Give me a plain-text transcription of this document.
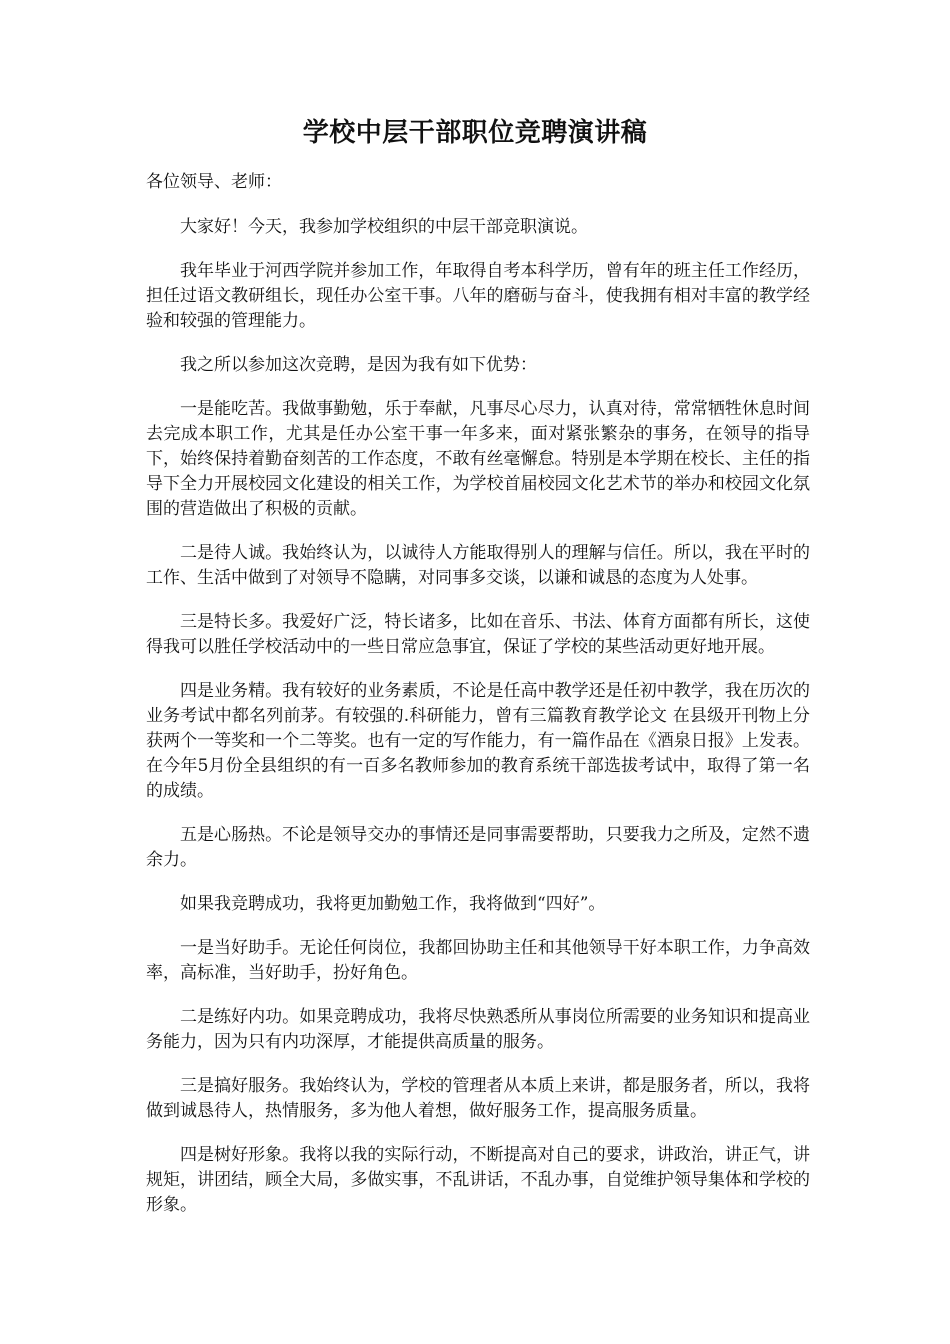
学校中层干部职位竞聘演讲稿

各位领导、老师：

大家好！今天，我参加学校组织的中层干部竞职演说。

我年毕业于河西学院并参加工作，年取得自考本科学历，曾有年的班主任工作经历，担任过语文教研组长，现任办公室干事。八年的磨砺与奋斗，使我拥有相对丰富的教学经验和较强的管理能力。

我之所以参加这次竞聘，是因为我有如下优势：

一是能吃苦。我做事勤勉，乐于奉献，凡事尽心尽力，认真对待，常常牺牲休息时间去完成本职工作，尤其是任办公室干事一年多来，面对紧张繁杂的事务，在领导的指导下，始终保持着勤奋刻苦的工作态度，不敢有丝毫懈怠。特别是本学期在校长、主任的指导下全力开展校园文化建设的相关工作，为学校首届校园文化艺术节的举办和校园文化氛围的营造做出了积极的贡献。

二是待人诚。我始终认为，以诚待人方能取得别人的理解与信任。所以，我在平时的工作、生活中做到了对领导不隐瞒，对同事多交谈，以谦和诚恳的态度为人处事。

三是特长多。我爱好广泛，特长诸多，比如在音乐、书法、体育方面都有所长，这使得我可以胜任学校活动中的一些日常应急事宜，保证了学校的某些活动更好地开展。

四是业务精。我有较好的业务素质，不论是任高中教学还是任初中教学，我在历次的业务考试中都名列前茅。有较强的.科研能力，曾有三篇教育教学论文 在县级开刊物上分获两个一等奖和一个二等奖。也有一定的写作能力，有一篇作品在《酒泉日报》上发表。在今年5月份全县组织的有一百多名教师参加的教育系统干部选拔考试中，取得了第一名的成绩。

五是心肠热。不论是领导交办的事情还是同事需要帮助，只要我力之所及，定然不遗余力。

如果我竞聘成功，我将更加勤勉工作，我将做到“四好”。

一是当好助手。无论任何岗位，我都回协助主任和其他领导干好本职工作，力争高效率，高标准，当好助手，扮好角色。

二是练好内功。如果竞聘成功，我将尽快熟悉所从事岗位所需要的业务知识和提高业务能力，因为只有内功深厚，才能提供高质量的服务。

三是搞好服务。我始终认为，学校的管理者从本质上来讲，都是服务者，所以，我将做到诚恳待人，热情服务，多为他人着想，做好服务工作，提高服务质量。

四是树好形象。我将以我的实际行动，不断提高对自己的要求，讲政治，讲正气，讲规矩，讲团结，顾全大局，多做实事，不乱讲话，不乱办事，自觉维护领导集体和学校的形象。
